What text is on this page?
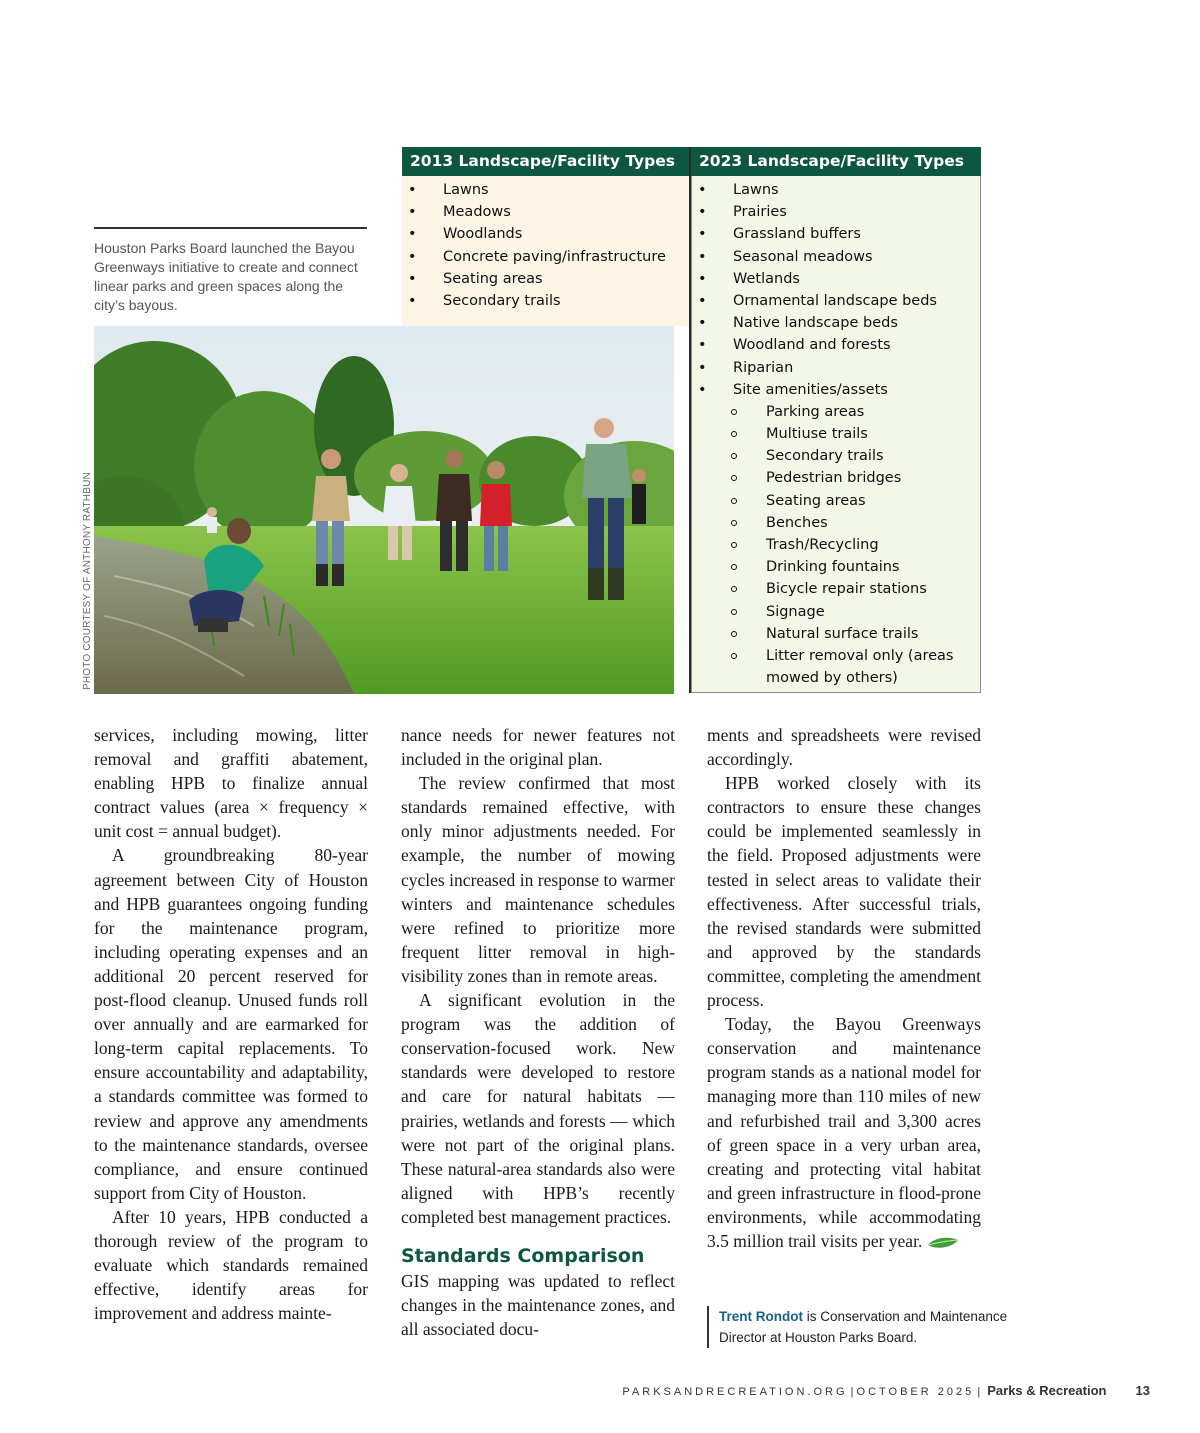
Houston Parks Board launched the Bayou Greenways initiative to create and connect linear parks and green spaces along the city’s bayous.

PHOTO COURTESY OF ANTHONY RATHBUN
2013 Landscape/Facility Types	2023 Landscape/Facility Types
• Lawns
• Meadows
• Woodlands
• Concrete paving/infrastructure
• Seating areas
• Secondary trails
• Lawns
• Prairies
• Grassland buffers
• Seasonal meadows
• Wetlands
• Ornamental landscape beds
• Native landscape beds
• Woodland and forests
• Riparian
• Site amenities/assets
Parking areas
Multiuse trails
Secondary trails
Pedestrian bridges
Seating areas
Benches
Trash/Recycling
Drinking fountains
Bicycle repair stations
Signage
Natural surface trails
Litter removal only (areas mowed by others)

services, including mowing, litter removal and graffiti abatement, enabling HPB to finalize annual contract values (area × frequency × unit cost = annual budget).

A groundbreaking 80-year agreement between City of Houston and HPB guarantees ongoing funding for the maintenance program, including operating expenses and an additional 20 percent reserved for post-flood cleanup. Unused funds roll over annually and are earmarked for long-term capital replacements. To ensure accountability and adaptability, a standards committee was formed to review and approve any amendments to the maintenance standards, oversee compliance, and ensure continued support from City of Houston.

After 10 years, HPB conducted a thorough review of the program to evaluate which standards remained effective, identify areas for improvement and address mainte-

nance needs for newer features not included in the original plan.

The review confirmed that most standards remained effective, with only minor adjustments needed. For example, the number of mowing cycles increased in response to warmer winters and maintenance schedules were refined to prioritize more frequent litter removal in high-visibility zones than in remote areas.

A significant evolution in the program was the addition of conservation-focused work. New standards were developed to restore and care for natural habitats — prairies, wetlands and forests — which were not part of the original plans. These natural-area standards also were aligned with HPB’s recently completed best management practices.

Standards Comparison

GIS mapping was updated to reflect changes in the maintenance zones, and all associated docu-

ments and spreadsheets were revised accordingly.

HPB worked closely with its contractors to ensure these changes could be implemented seamlessly in the field. Proposed adjustments were tested in select areas to validate their effectiveness. After successful trials, the revised standards were submitted and approved by the standards committee, completing the amendment process.

Today, the Bayou Greenways conservation and maintenance program stands as a national model for managing more than 110 miles of new and refurbished trail and 3,300 acres of green space in a very urban area, creating and protecting vital habitat and green infrastructure in flood-prone environments, while accommodating 3.5 million trail visits per year.

Trent Rondot is Conservation and Maintenance Director at Houston Parks Board.
PARKSANDRECREATION.ORG | OCTOBER 2025 | Parks & Recreation 13
